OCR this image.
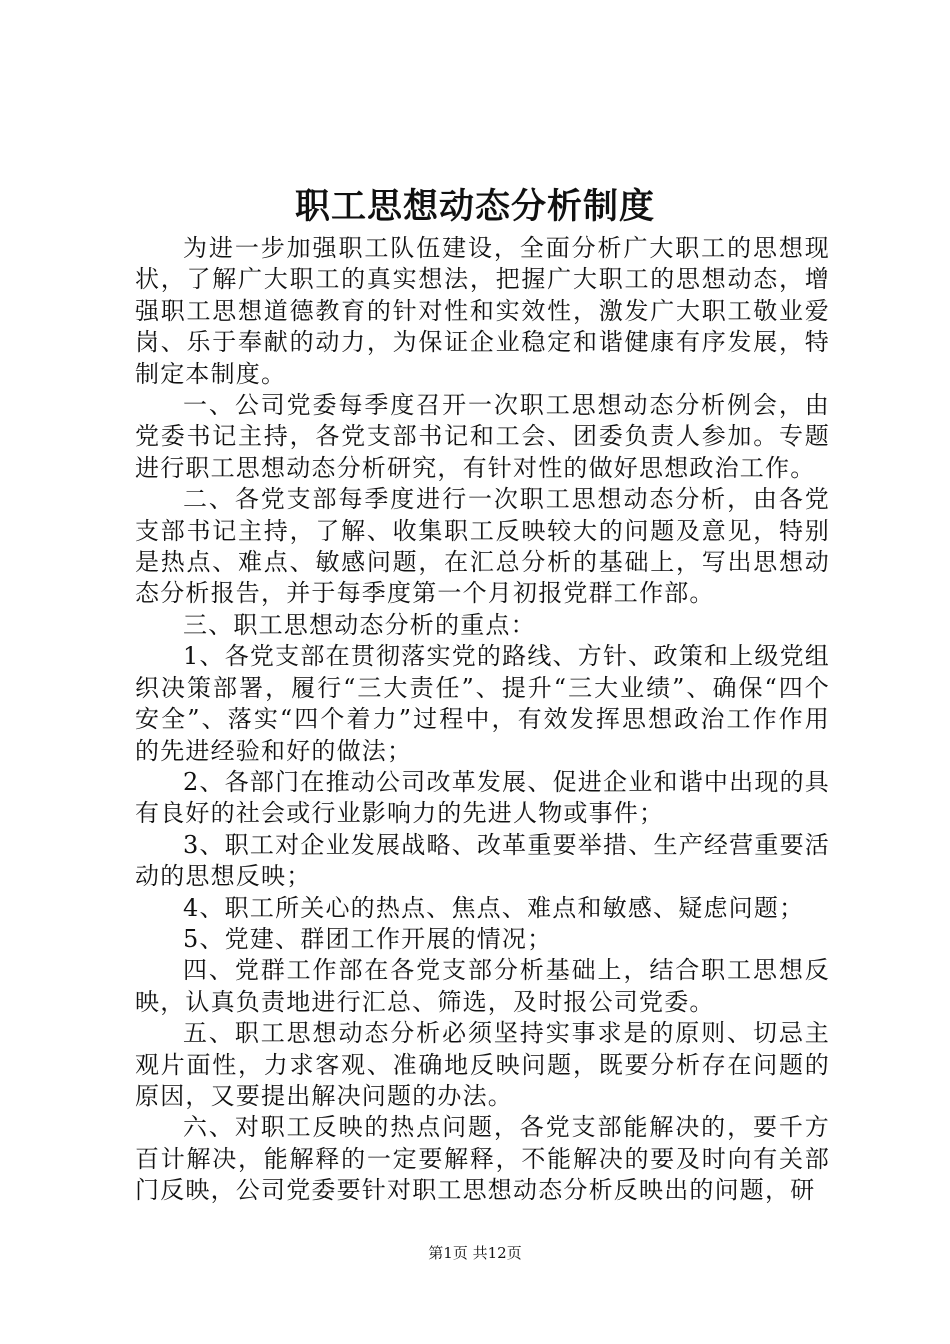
职工思想动态分析制度

为进一步加强职工队伍建设，全面分析广大职工的思想现状，了解广大职工的真实想法，把握广大职工的思想动态，增强职工思想道德教育的针对性和实效性，激发广大职工敬业爱岗、乐于奉献的动力，为保证企业稳定和谐健康有序发展，特制定本制度。

一、公司党委每季度召开一次职工思想动态分析例会，由党委书记主持，各党支部书记和工会、团委负责人参加。专题进行职工思想动态分析研究，有针对性的做好思想政治工作。

二、各党支部每季度进行一次职工思想动态分析，由各党支部书记主持，了解、收集职工反映较大的问题及意见，特别是热点、难点、敏感问题，在汇总分析的基础上，写出思想动态分析报告，并于每季度第一个月初报党群工作部。

三、职工思想动态分析的重点：

1、各党支部在贯彻落实党的路线、方针、政策和上级党组织决策部署，履行“三大责任”、提升“三大业绩”、确保“四个安全”、落实“四个着力”过程中，有效发挥思想政治工作作用的先进经验和好的做法；

2、各部门在推动公司改革发展、促进企业和谐中出现的具有良好的社会或行业影响力的先进人物或事件；

3、职工对企业发展战略、改革重要举措、生产经营重要活动的思想反映；

4、职工所关心的热点、焦点、难点和敏感、疑虑问题；

5、党建、群团工作开展的情况；

四、党群工作部在各党支部分析基础上，结合职工思想反映，认真负责地进行汇总、筛选，及时报公司党委。

五、职工思想动态分析必须坚持实事求是的原则、切忌主观片面性，力求客观、准确地反映问题，既要分析存在问题的原因，又要提出解决问题的办法。

六、对职工反映的热点问题，各党支部能解决的，要千方百计解决，能解释的一定要解释，不能解决的要及时向有关部门反映，公司党委要针对职工思想动态分析反映出的问题，研

第1页 共12页
